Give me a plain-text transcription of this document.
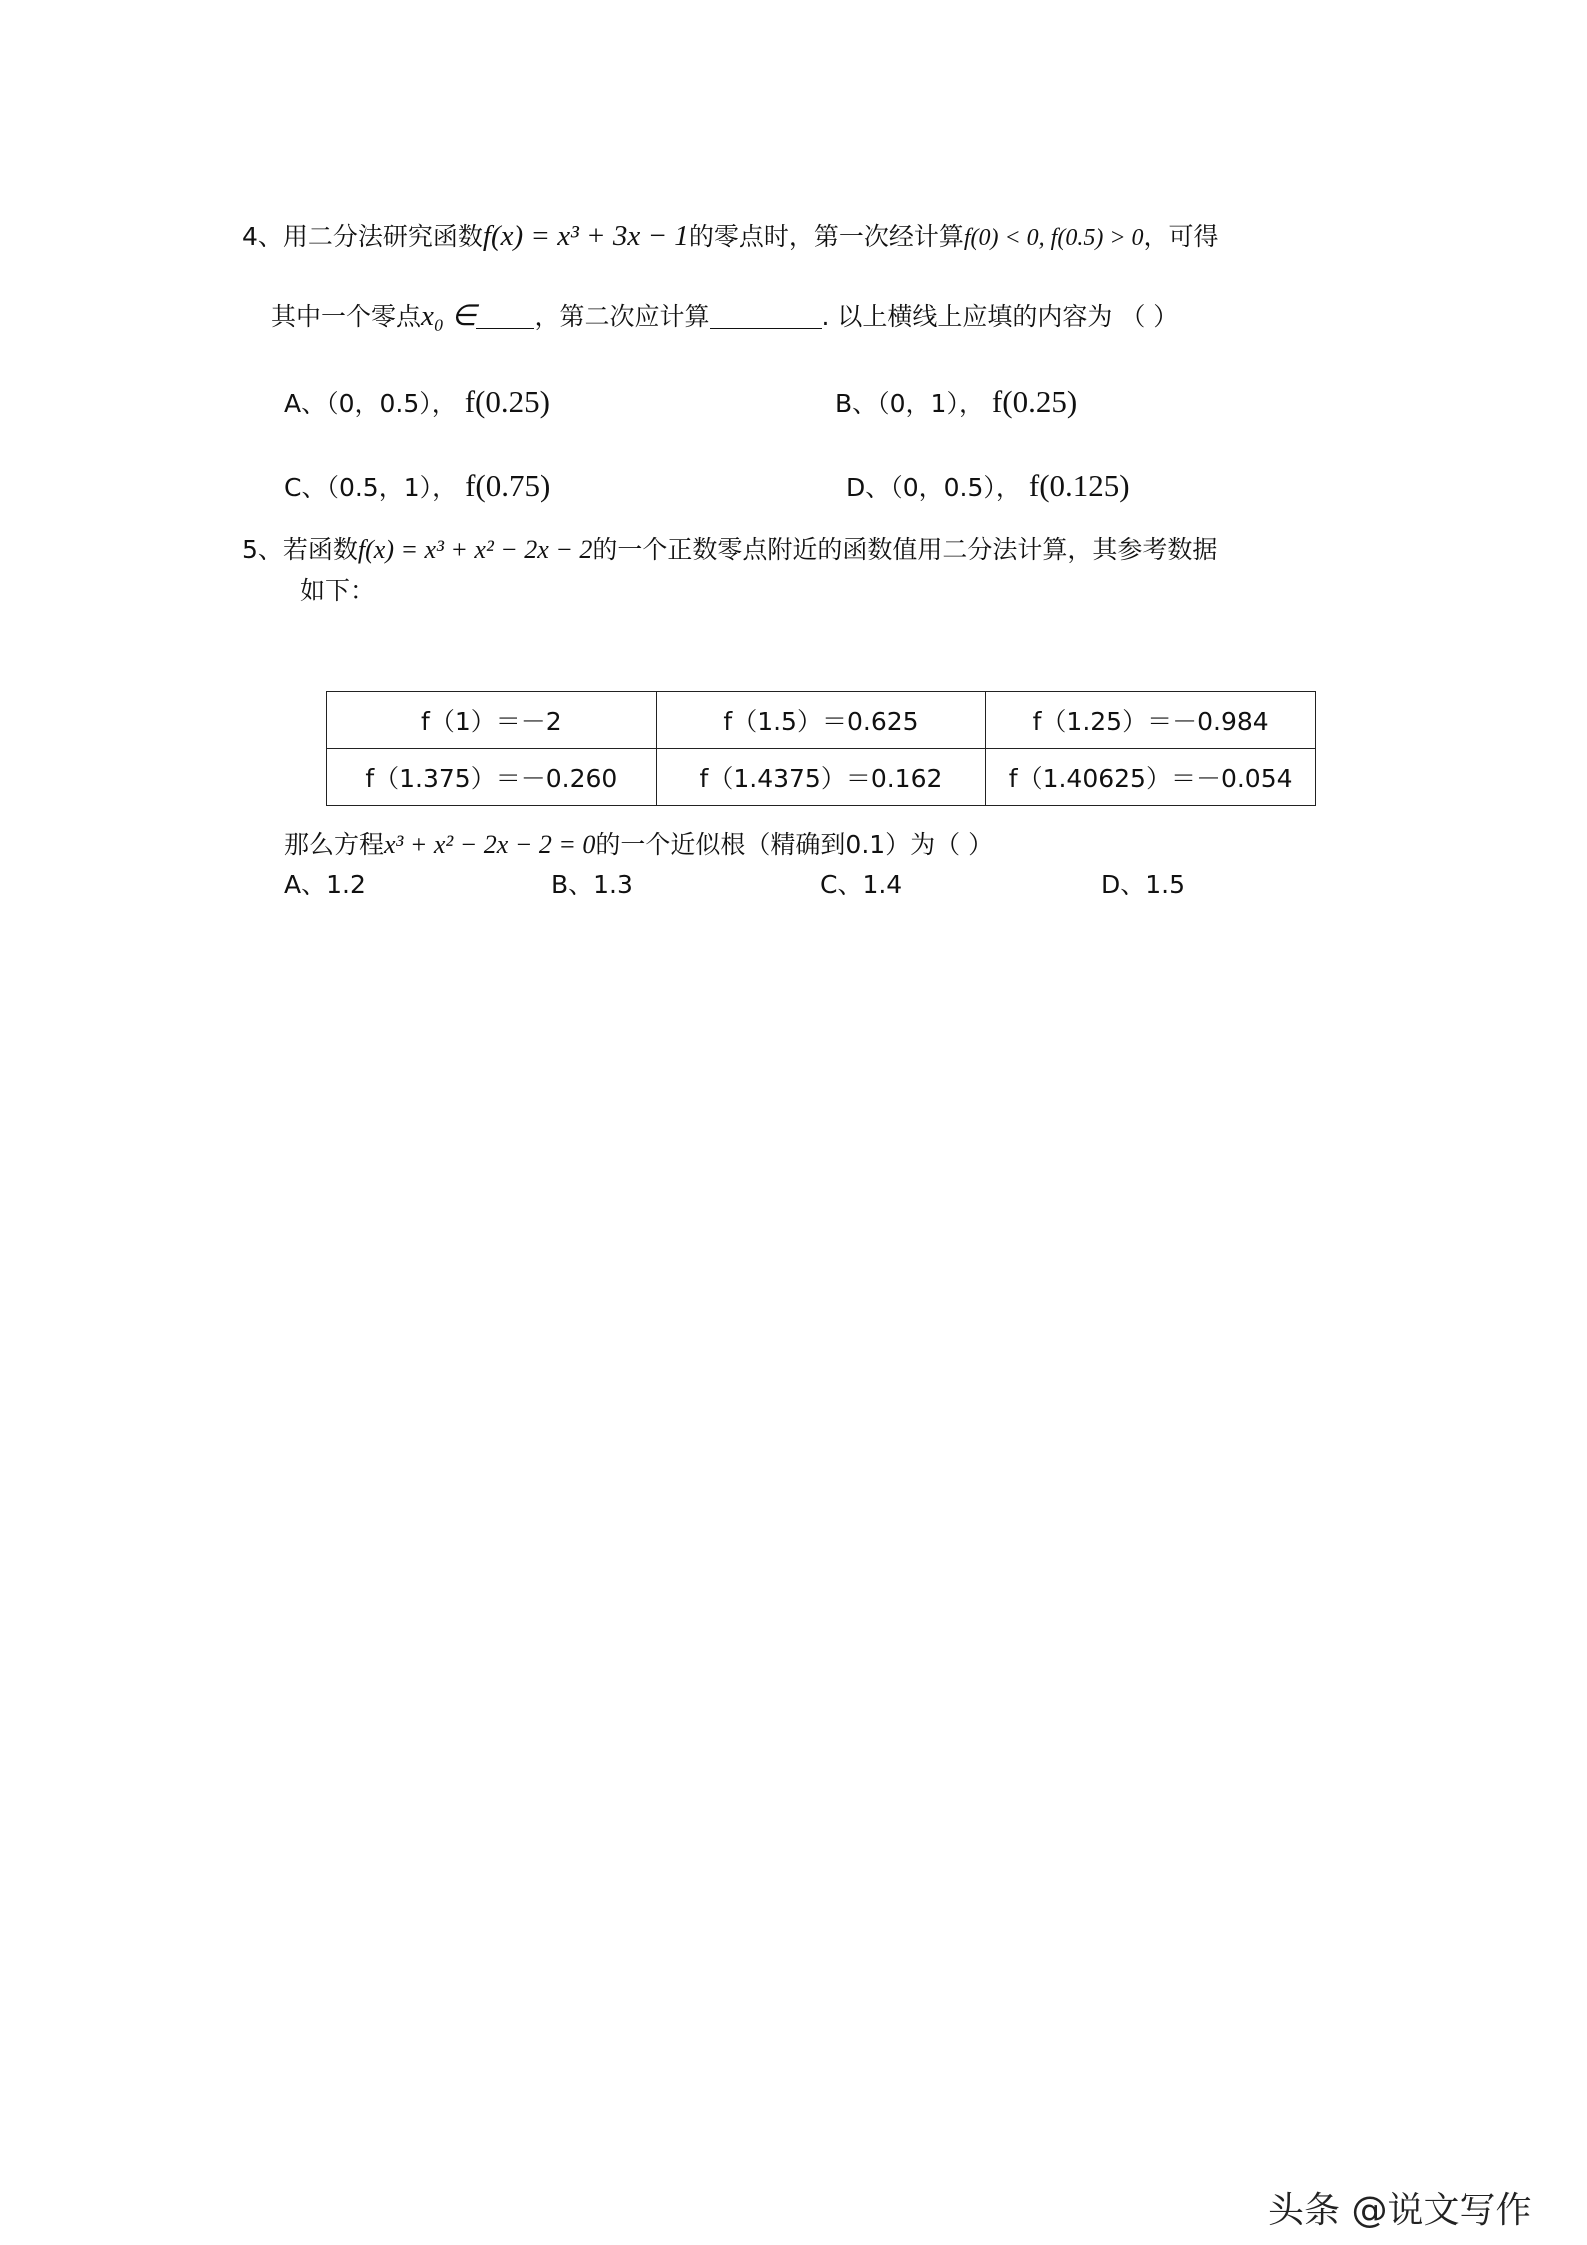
4、用二分法研究函数f(x) = x³ + 3x − 1的零点时，第一次经计算f(0) < 0, f(0.5) > 0，可得
其中一个零点x₀ ∈ ，第二次应计算	. 以上横线上应填的内容为 （ ）
A、（0，0.5）， f(0.25)	B、（0，1）， f(0.25)
C、（0.5，1）， f(0.75)	D、（0，0.5）， f(0.125)
5、若函数f(x) = x³ + x² − 2x − 2的一个正数零点附近的函数值用二分法计算，其参考数据
如下：
f（1）＝－2	f（1.5）＝0.625	f（1.25）＝－0.984
f（1.375）＝－0.260	f（1.4375）＝0.162	f（1.40625）＝－0.054
那么方程x³ + x² − 2x − 2 = 0的一个近似根（精确到0.1）为（ ）
A、1.2	B、1.3	C、1.4	D、1.5
头条 @说文写作
